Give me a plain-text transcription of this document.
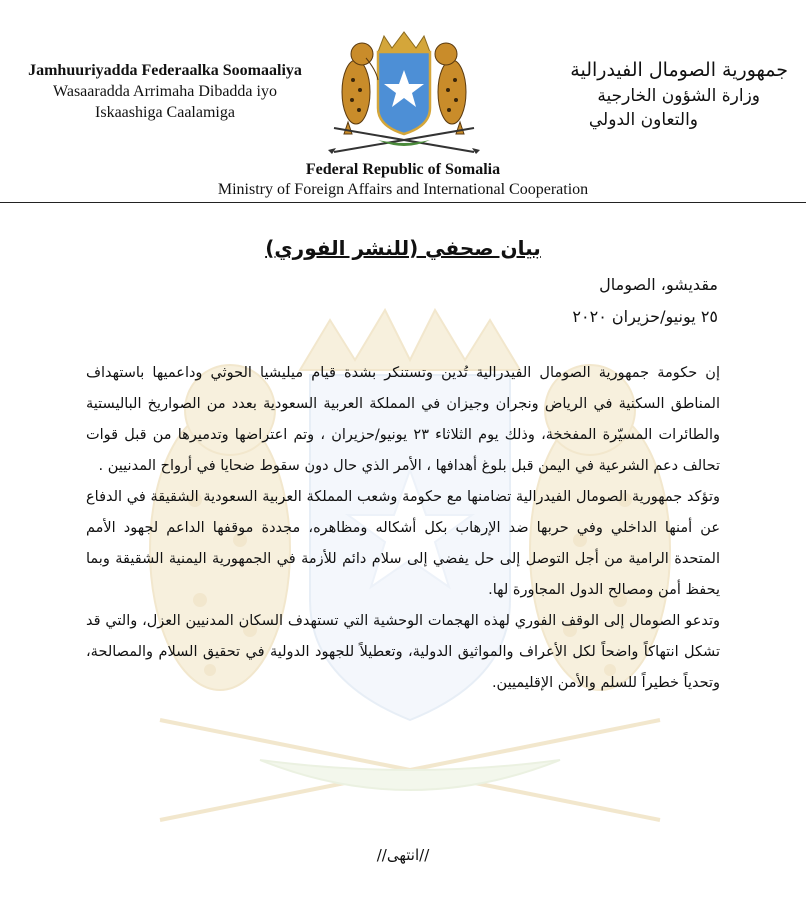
Jamhuuriyadda Federaalka Soomaaliya
Wasaaradda Arrimaha Dibadda iyo
Iskaashiga Caalamiga
جمهورية الصومال الفيدرالية
وزارة الشؤون الخارجية
والتعاون الدولي
Federal Republic of Somalia
Ministry of Foreign Affairs and International Cooperation
بيان صحفي (للنشر الفوري)
مقديشو، الصومال
٢٥ يونيو/حزيران ٢٠٢٠

إن حكومة جمهورية الصومال الفيدرالية تُدين وتستنكر بشدة قيام ميليشيا الحوثي وداعميها باستهداف المناطق السكنية في الرياض ونجران وجيزان في المملكة العربية السعودية بعدد من الصواريخ الباليستية والطائرات المسيّرة المفخخة، وذلك يوم الثلاثاء ٢٣ يونيو/حزيران ، وتم اعتراضها وتدميرها من قبل قوات تحالف دعم الشرعية في اليمن قبل بلوغ أهدافها ، الأمر الذي حال دون سقوط ضحايا في أرواح المدنيين .

وتؤكد جمهورية الصومال الفيدرالية تضامنها مع حكومة وشعب المملكة العربية السعودية الشقيقة في الدفاع عن أمنها الداخلي وفي حربها ضد الإرهاب بكل أشكاله ومظاهره، مجددة موقفها الداعم لجهود الأمم المتحدة الرامية من أجل التوصل إلى حل يفضي إلى سلام دائم للأزمة في الجمهورية اليمنية الشقيقة وبما يحفظ أمن ومصالح الدول المجاورة لها.

وتدعو الصومال إلى الوقف الفوري لهذه الهجمات الوحشية التي تستهدف السكان المدنيين العزل، والتي قد تشكل انتهاكاً واضحاً لكل الأعراف والمواثيق الدولية، وتعطيلاً للجهود الدولية في تحقيق السلام والمصالحة، وتحدياً خطيراً للسلم والأمن الإقليميين.

//انتهى//
